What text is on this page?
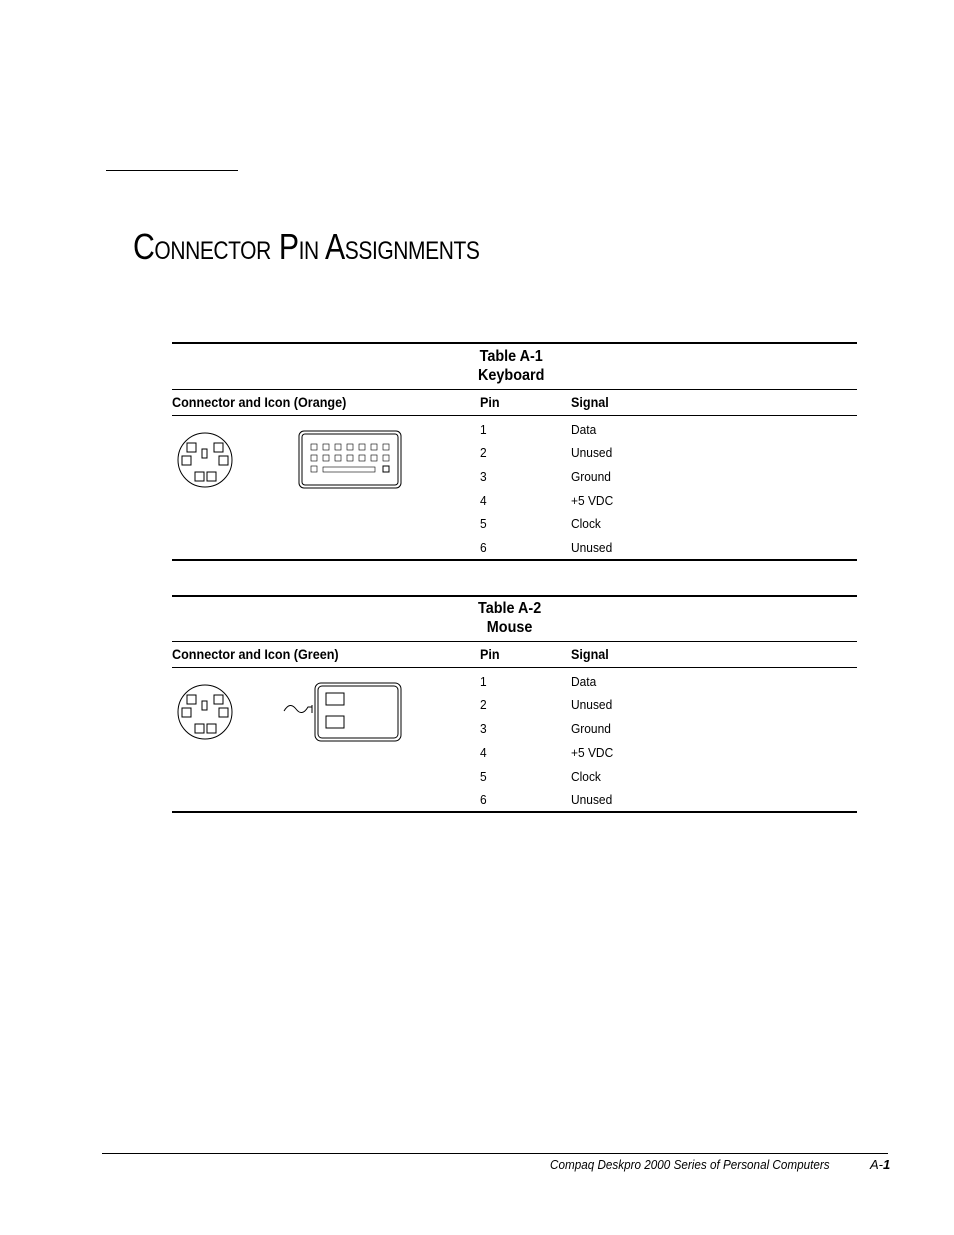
Connector Pin Assignments
Table A-1
Keyboard
Connector and Icon (Orange)	Pin	Signal
1	Data
2	Unused
3	Ground
4	+5 VDC
5	Clock
6	Unused
Table A-2
Mouse
Connector and Icon (Green)	Pin	Signal
1	Data
2	Unused
3	Ground
4	+5 VDC
5	Clock
6	Unused
Compaq Deskpro 2000 Series of Personal Computers	A-1
